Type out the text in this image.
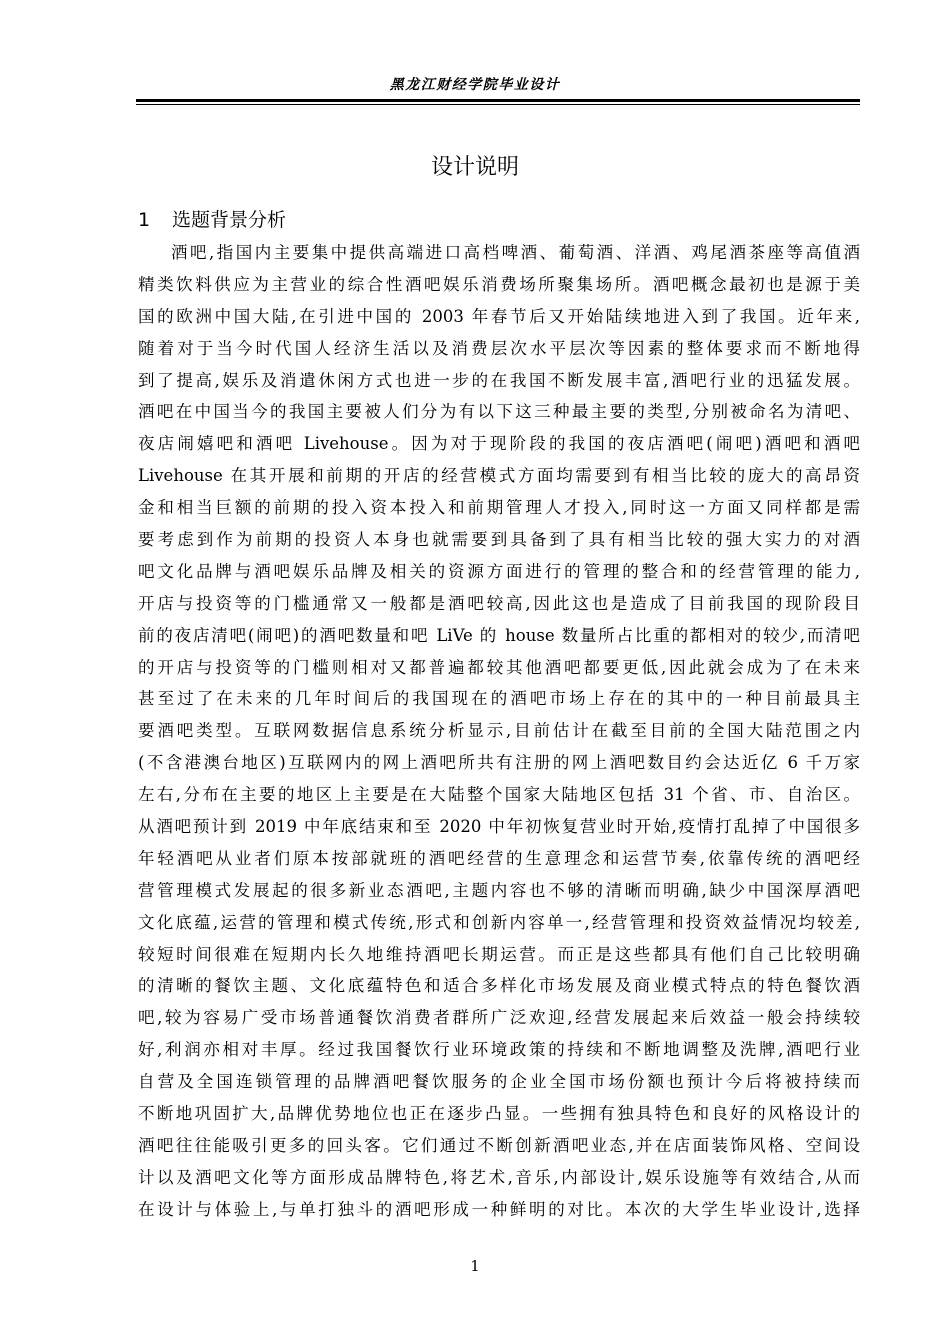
黑龙江财经学院毕业设计
设计说明
1 选题背景分析
酒吧,指国内主要集中提供高端进口高档啤酒、葡萄酒、洋酒、鸡尾酒茶座等高值酒
精类饮料供应为主营业的综合性酒吧娱乐消费场所聚集场所。酒吧概念最初也是源于美
国的欧洲中国大陆,在引进中国的 2003 年春节后又开始陆续地进入到了我国。近年来,
随着对于当今时代国人经济生活以及消费层次水平层次等因素的整体要求而不断地得
到了提高,娱乐及消遣休闲方式也进一步的在我国不断发展丰富,酒吧行业的迅猛发展。
酒吧在中国当今的我国主要被人们分为有以下这三种最主要的类型,分别被命名为清吧、
夜店闹嬉吧和酒吧 Livehouse。因为对于现阶段的我国的夜店酒吧(闹吧)酒吧和酒吧
Livehouse 在其开展和前期的开店的经营模式方面均需要到有相当比较的庞大的高昂资
金和相当巨额的前期的投入资本投入和前期管理人才投入,同时这一方面又同样都是需
要考虑到作为前期的投资人本身也就需要到具备到了具有相当比较的强大实力的对酒
吧文化品牌与酒吧娱乐品牌及相关的资源方面进行的管理的整合和的经营管理的能力,
开店与投资等的门槛通常又一般都是酒吧较高,因此这也是造成了目前我国的现阶段目
前的夜店清吧(闹吧)的酒吧数量和吧 LiVe 的 house 数量所占比重的都相对的较少,而清吧
的开店与投资等的门槛则相对又都普遍都较其他酒吧都要更低,因此就会成为了在未来
甚至过了在未来的几年时间后的我国现在的酒吧市场上存在的其中的一种目前最具主
要酒吧类型。互联网数据信息系统分析显示,目前估计在截至目前的全国大陆范围之内
(不含港澳台地区)互联网内的网上酒吧所共有注册的网上酒吧数目约会达近亿 6 千万家
左右,分布在主要的地区上主要是在大陆整个国家大陆地区包括 31 个省、市、自治区。
从酒吧预计到 2019 中年底结束和至 2020 中年初恢复营业时开始,疫情打乱掉了中国很多
年轻酒吧从业者们原本按部就班的酒吧经营的生意理念和运营节奏,依靠传统的酒吧经
营管理模式发展起的很多新业态酒吧,主题内容也不够的清晰而明确,缺少中国深厚酒吧
文化底蕴,运营的管理和模式传统,形式和创新内容单一,经营管理和投资效益情况均较差,
较短时间很难在短期内长久地维持酒吧长期运营。而正是这些都具有他们自己比较明确
的清晰的餐饮主题、文化底蕴特色和适合多样化市场发展及商业模式特点的特色餐饮酒
吧,较为容易广受市场普通餐饮消费者群所广泛欢迎,经营发展起来后效益一般会持续较
好,利润亦相对丰厚。经过我国餐饮行业环境政策的持续和不断地调整及洗牌,酒吧行业
自营及全国连锁管理的品牌酒吧餐饮服务的企业全国市场份额也预计今后将被持续而
不断地巩固扩大,品牌优势地位也正在逐步凸显。一些拥有独具特色和良好的风格设计的
酒吧往往能吸引更多的回头客。它们通过不断创新酒吧业态,并在店面装饰风格、空间设
计以及酒吧文化等方面形成品牌特色,将艺术,音乐,内部设计,娱乐设施等有效结合,从而
在设计与体验上,与单打独斗的酒吧形成一种鲜明的对比。本次的大学生毕业设计,选择
1
